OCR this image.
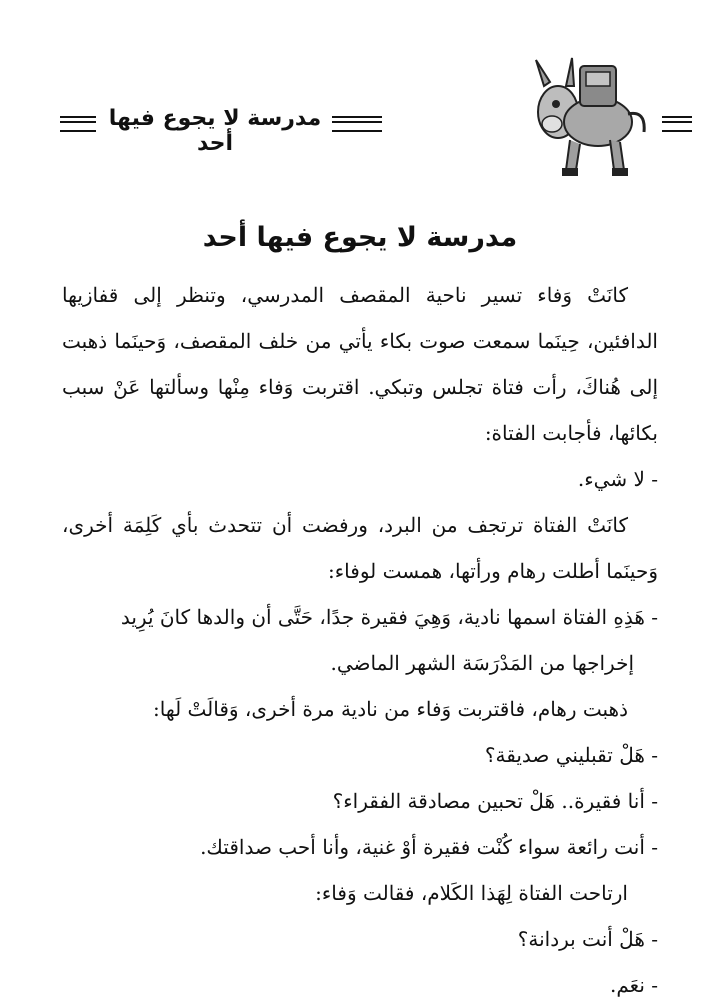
مدرسة لا يجوع فيها أحد
مدرسة لا يجوع فيها أحد

كانَتْ وَفاء تسير ناحية المقصف المدرسي، وتنظر إلى قفازيها الدافئين، حِينَما سمعت صوت بكاء يأتي من خلف المقصف، وَحينَما ذهبت إلى هُناكَ، رأت فتاة تجلس وتبكي. اقتربت وَفاء مِنْها وسألتها عَنْ سبب بكائها، فأجابت الفتاة:

- لا شيء.

كانَتْ الفتاة ترتجف من البرد، ورفضت أن تتحدث بأي كَلِمَة أخرى، وَحينَما أطلت رهام ورأتها، همست لوفاء:

- هَذِهِ الفتاة اسمها نادية، وَهِيَ فقيرة جدًا، حَتَّى أن والدها كانَ يُرِيد

إخراجها من المَدْرَسَة الشهر الماضي.

ذهبت رهام، فاقتربت وَفاء من نادية مرة أخرى، وَقالَتْ لَها:

- هَلْ تقبليني صديقة؟

- أنا فقيرة.. هَلْ تحبين مصادقة الفقراء؟

- أنت رائعة سواء كُنْت فقيرة أوْ غنية، وأنا أحب صداقتك.

ارتاحت الفتاة لِهَذا الكَلام، فقالت وَفاء:

- هَلْ أنت بردانة؟

- نعَم.
